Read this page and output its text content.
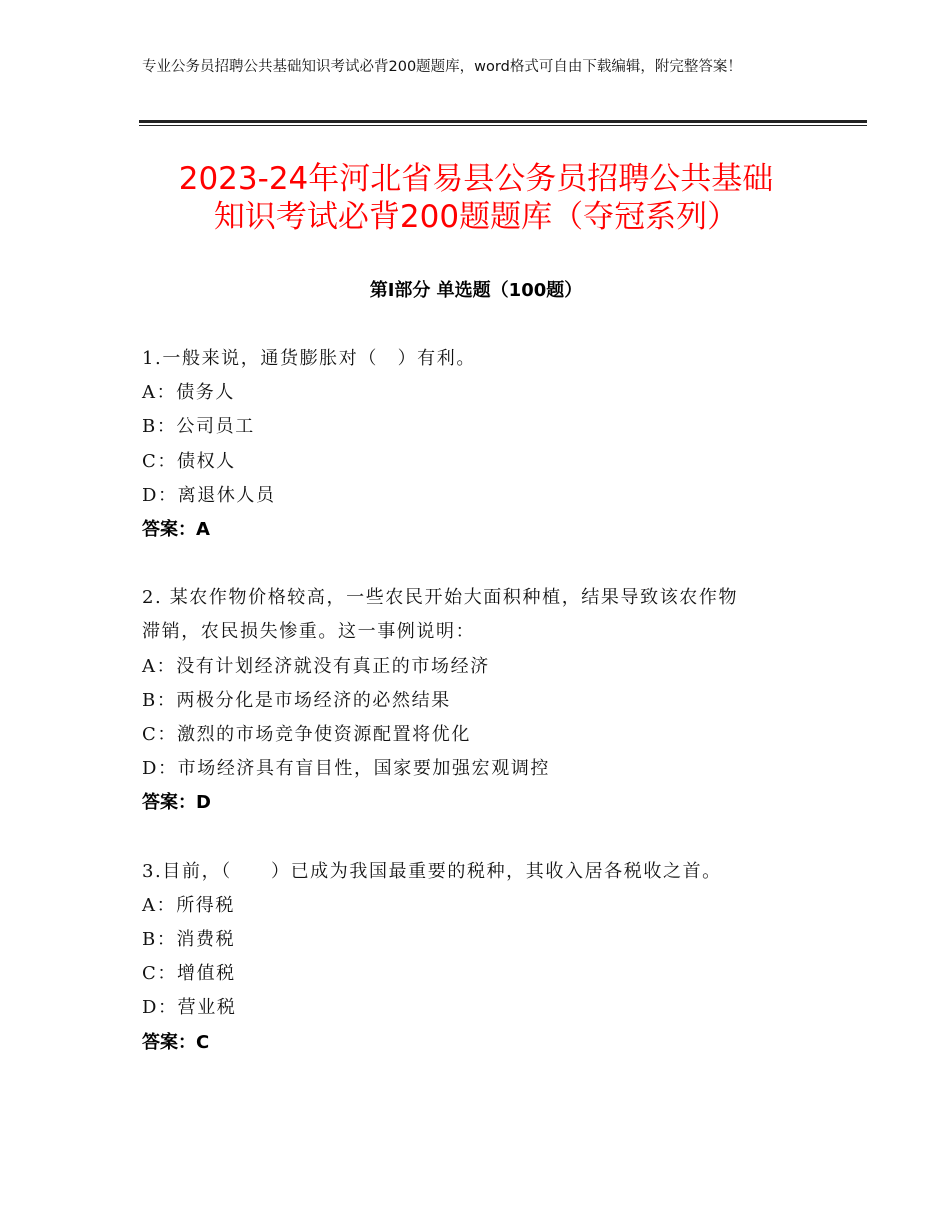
专业公务员招聘公共基础知识考试必背200题题库，word格式可自由下载编辑，附完整答案！
2023-24年河北省易县公务员招聘公共基础
知识考试必背200题题库（夺冠系列）
第Ⅰ部分 单选题（100题）
1.一般来说，通货膨胀对（　）有利。
A：债务人
B：公司员工
C：债权人
D：离退休人员
答案：A
2. 某农作物价格较高，一些农民开始大面积种植，结果导致该农作物
滞销，农民损失惨重。这一事例说明：
A：没有计划经济就没有真正的市场经济
B：两极分化是市场经济的必然结果
C：激烈的市场竞争使资源配置将优化
D：市场经济具有盲目性，国家要加强宏观调控
答案：D
3.目前，（　　）已成为我国最重要的税种，其收入居各税收之首。
A：所得税
B：消费税
C：增值税
D：营业税
答案：C
